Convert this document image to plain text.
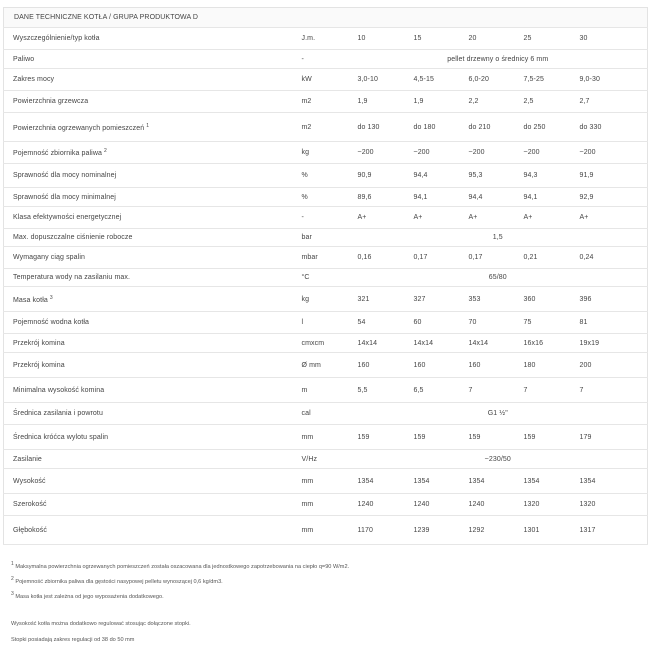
DANE TECHNICZNE KOTŁA / GRUPA PRODUKTOWA D						
Wyszczególnienie/typ kotła	J.m.	10	15	20	25	30
Paliwo	-	pellet drzewny o średnicy 6 mm				
Zakres mocy	kW	3,0-10	4,5-15	6,0-20	7,5-25	9,0-30
Powierzchnia grzewcza	m2	1,9	1,9	2,2	2,5	2,7
Powierzchnia ogrzewanych pomieszczeń $^1$	m2	do 130	do 180	do 210	do 250	do 330
Pojemność zbiornika paliwa $^2$	kg	~200	~200	~200	~200	~200
Sprawność dla mocy nominalnej	%	90,9	94,4	95,3	94,3	91,9
Sprawność dla mocy minimalnej	%	89,6	94,1	94,4	94,1	92,9
Klasa efektywności energetycznej	-	A+	A+	A+	A+	A+
Max. dopuszczalne ciśnienie robocze	bar	1,5				
Wymagany ciąg spalin	mbar	0,16	0,17	0,17	0,21	0,24
Temperatura wody na zasilaniu max.	°C	65/80				
Masa kotła $^3$	kg	321	327	353	360	396
Pojemność wodna kotła	l	54	60	70	75	81
Przekrój komina	cmxcm	14x14	14x14	14x14	16x16	19x19
Przekrój komina	Ø mm	160	160	160	180	200
Minimalna wysokość komina	m	5,5	6,5	7	7	7
Średnica zasilania i powrotu	cal	G1 ½"				
Średnica króćca wylotu spalin	mm	159	159	159	159	179
Zasilanie	V/Hz	~230/50				
Wysokość	mm	1354	1354	1354	1354	1354
Szerokość	mm	1240	1240	1240	1320	1320
Głębokość	mm	1170	1239	1292	1301	1317

$^1$ Maksymalna powierzchnia ogrzewanych pomieszczeń została oszacowana dla jednostkowego zapotrzebowania na ciepło q=90 W/m2.

$^2$ Pojemność zbiornika paliwa dla gęstości nasypowej pelletu wynoszącej 0,6 kg/dm3.

$^3$ Masa kotła jest zależna od jego wyposażenia dodatkowego.

Wysokość kotła można dodatkowo regulować stosując dołączone stopki.

Stopki posiadają zakres regulacji od 38 do 50 mm
